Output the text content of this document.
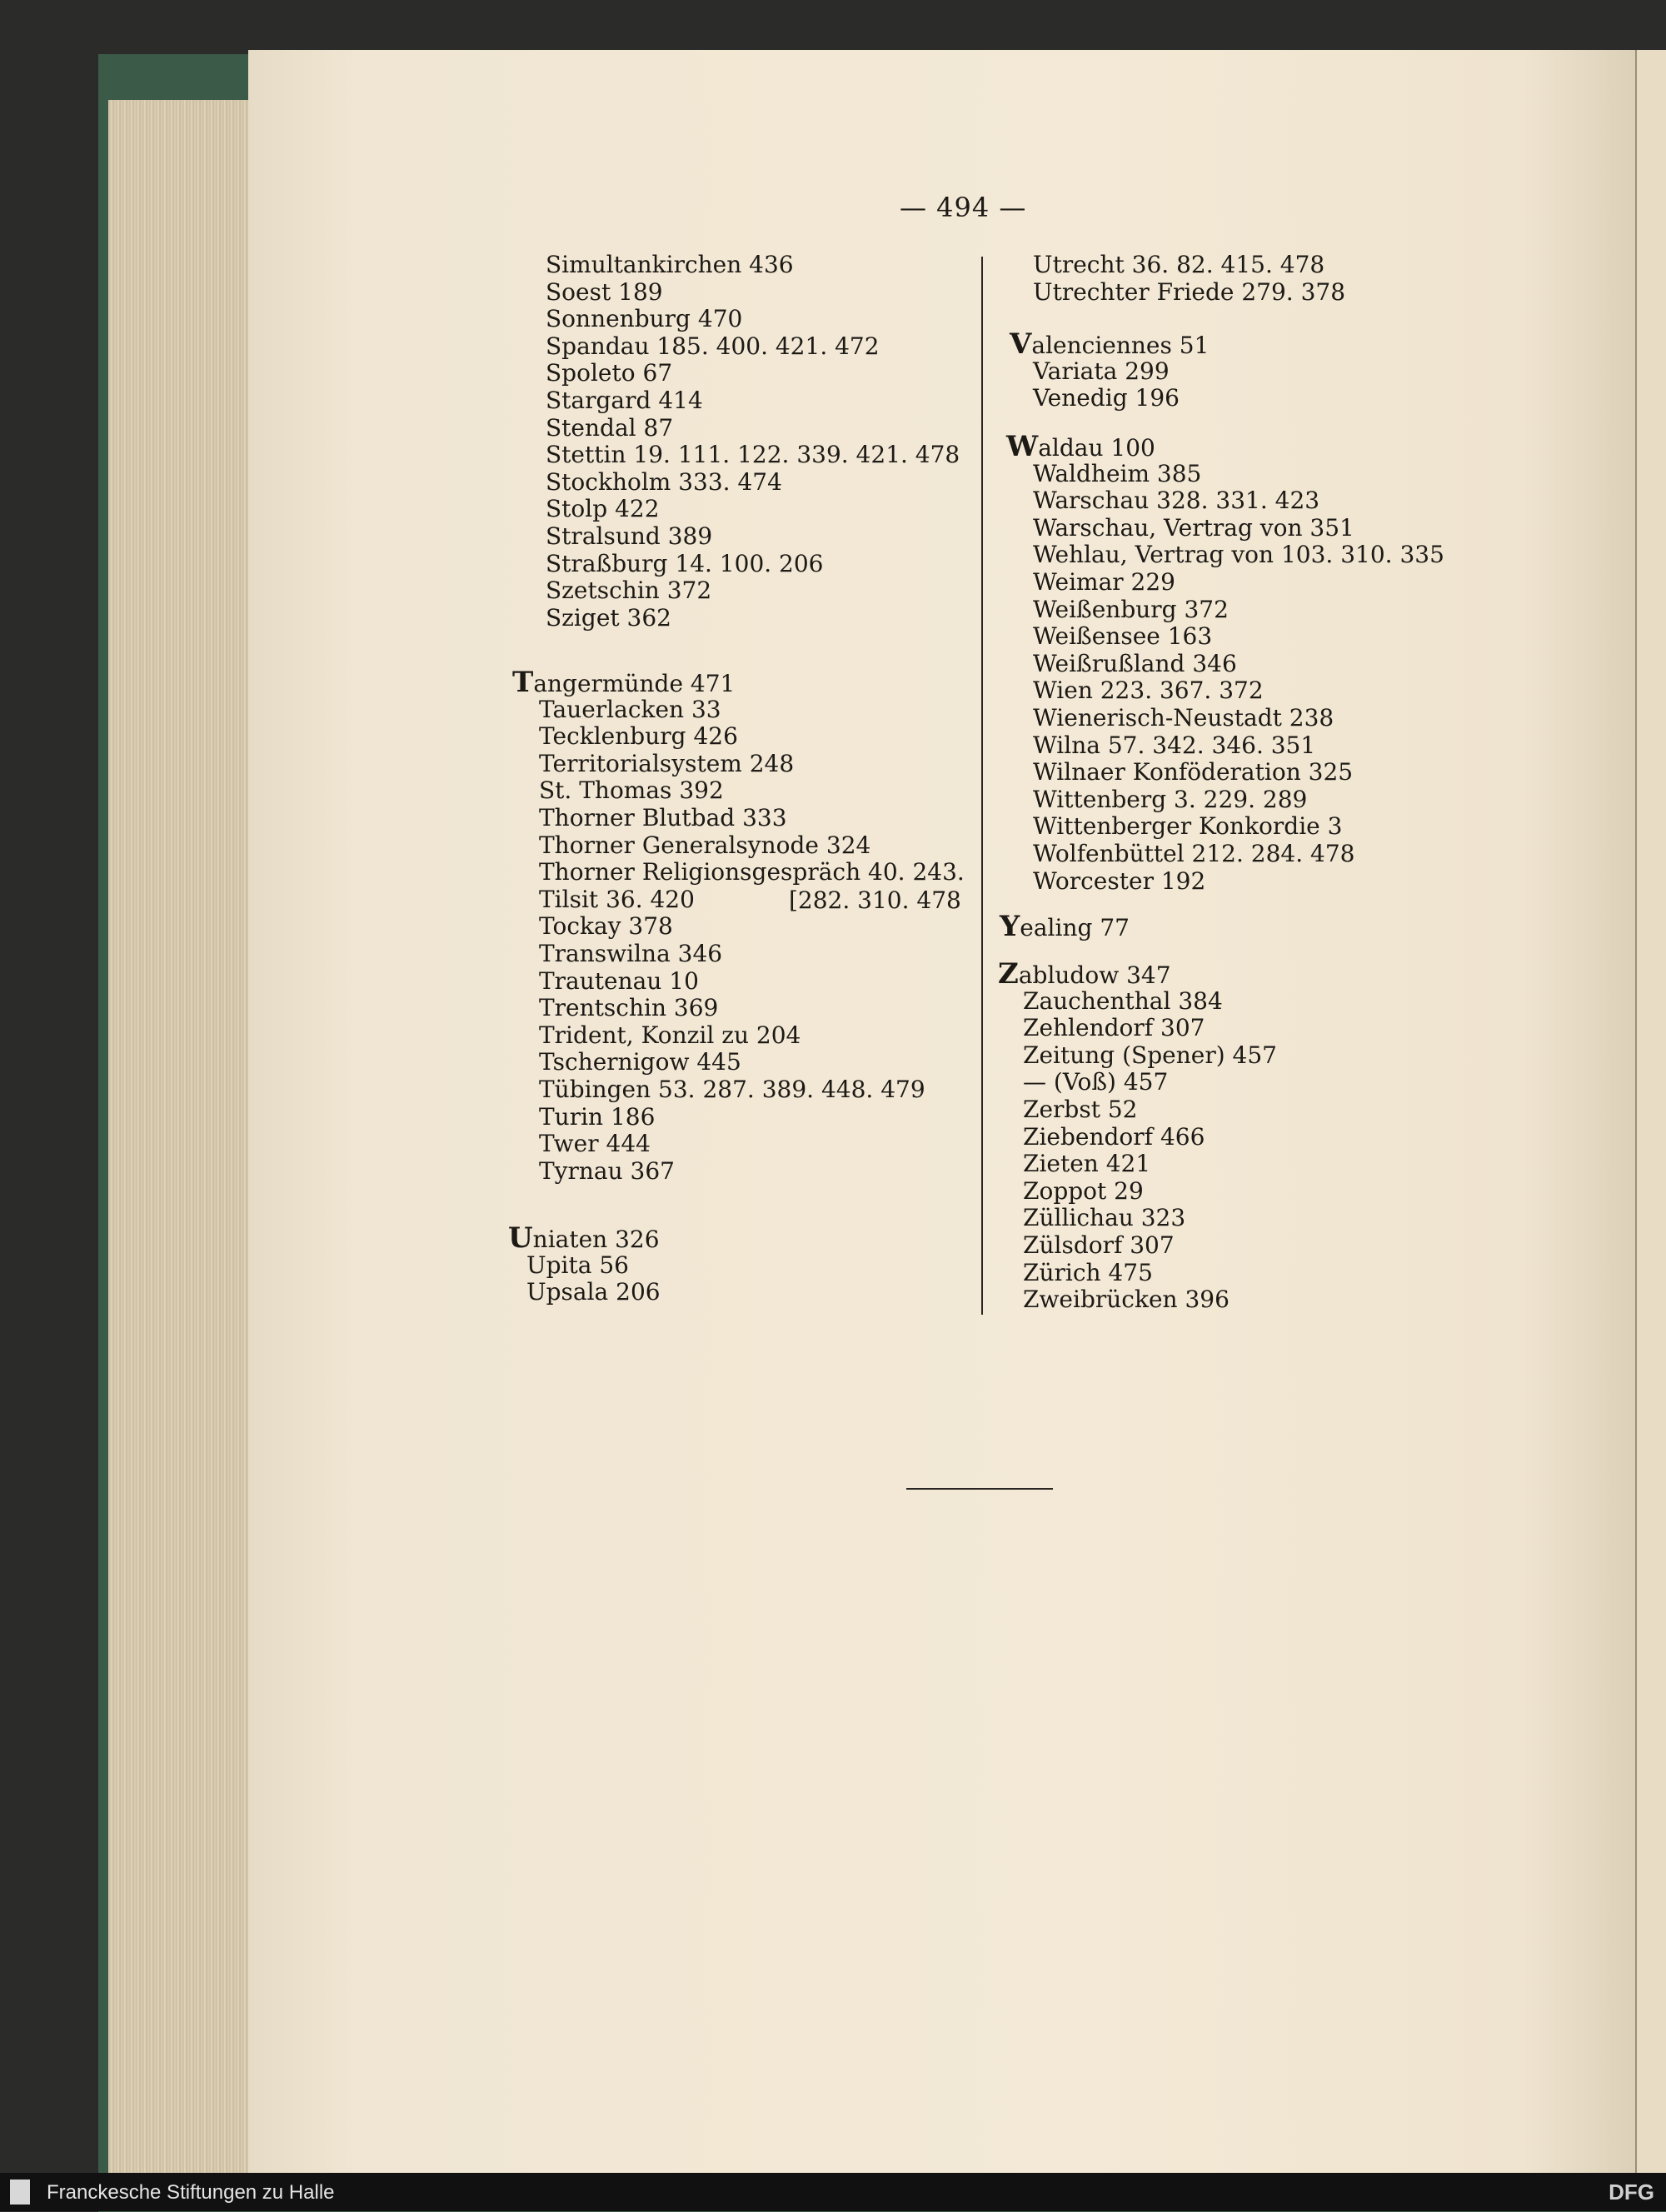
— 494 —
Simultankirchen 436
Soest 189
Sonnenburg 470
Spandau 185. 400. 421. 472
Spoleto 67
Stargard 414
Stendal 87
Stettin 19. 111. 122. 339. 421. 478
Stockholm 333. 474
Stolp 422
Stralsund 389
Straßburg 14. 100. 206
Szetschin 372
Sziget 362
Tangermünde 471
Tauerlacken 33
Tecklenburg 426
Territorialsystem 248
St. Thomas 392
Thorner Blutbad 333
Thorner Generalsynode 324
Thorner Religionsgespräch 40. 243.
Tilsit 36. 420
Tockay 378
Transwilna 346
Trautenau 10
Trentschin 369
Trident, Konzil zu 204
Tschernigow 445
Tübingen 53. 287. 389. 448. 479
Turin 186
Twer 444
Tyrnau 367
[282. 310. 478
Uniaten 326
Upita 56
Upsala 206
Utrecht 36. 82. 415. 478
Utrechter Friede 279. 378
Valenciennes 51
Variata 299
Venedig 196
Waldau 100
Waldheim 385
Warschau 328. 331. 423
Warschau, Vertrag von 351
Wehlau, Vertrag von 103. 310. 335
Weimar 229
Weißenburg 372
Weißensee 163
Weißrußland 346
Wien 223. 367. 372
Wienerisch-Neustadt 238
Wilna 57. 342. 346. 351
Wilnaer Konföderation 325
Wittenberg 3. 229. 289
Wittenberger Konkordie 3
Wolfenbüttel 212. 284. 478
Worcester 192
Yealing 77
Zabludow 347
Zauchenthal 384
Zehlendorf 307
Zeitung (Spener) 457
— (Voß) 457
Zerbst 52
Ziebendorf 466
Zieten 421
Zoppot 29
Züllichau 323
Zülsdorf 307
Zürich 475
Zweibrücken 396
Franckesche Stiftungen zu Halle	DFG
